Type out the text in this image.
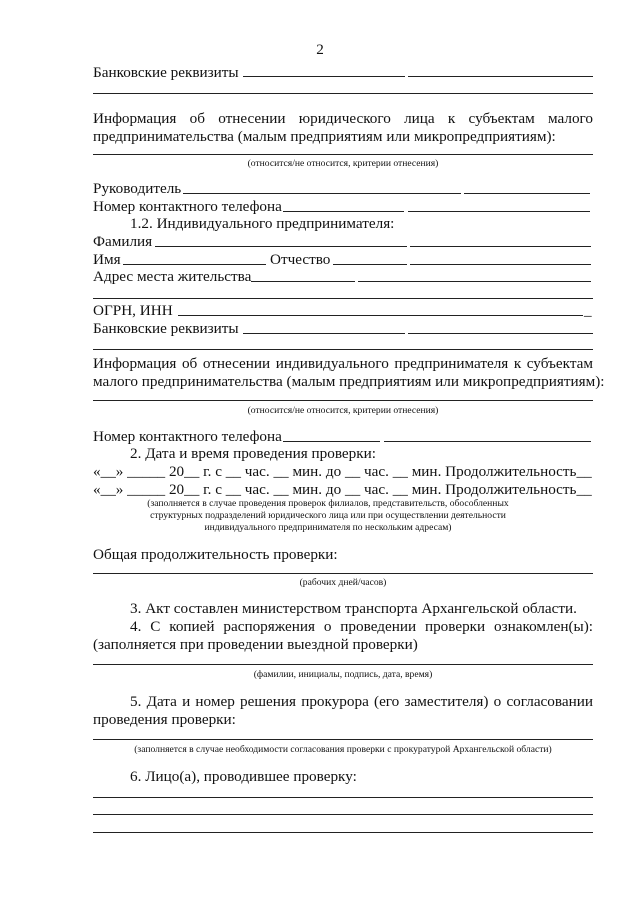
2
Банковские реквизиты
Информация об отнесении юридического лица к субъектам малого
предпринимательства (малым предприятиям или микропредприятиям):
(относится/не относится, критерии отнесения)
Руководитель
Номер контактного телефона
1.2. Индивидуального предпринимателя:
Фамилия
Имя	Отчество
Адрес места жительства
ОГРН, ИНН	_
Банковские реквизиты
Информация об отнесении индивидуального предпринимателя к субъектам
малого предпринимательства (малым предприятиям или микропредприятиям):
(относится/не относится, критерии отнесения)
Номер контактного телефона
2. Дата и время проведения проверки:
«__» _____ 20__ г. с __ час. __ мин. до __ час. __ мин. Продолжительность__
«__» _____ 20__ г. с __ час. __ мин. до __ час. __ мин. Продолжительность__
(заполняется в случае проведения проверок филиалов, представительств, обособленных
структурных подразделений юридического лица или при осуществлении деятельности
индивидуального предпринимателя по нескольким адресам)
Общая продолжительность проверки:
(рабочих дней/часов)
3. Акт составлен министерством транспорта Архангельской области.
4. С копией распоряжения о проведении проверки ознакомлен(ы):
(заполняется при проведении выездной проверки)
(фамилии, инициалы, подпись, дата, время)
5. Дата и номер решения прокурора (его заместителя) о согласовании
проведения проверки:
(заполняется в случае необходимости согласования проверки с прокуратурой Архангельской области)
6. Лицо(а), проводившее проверку:
